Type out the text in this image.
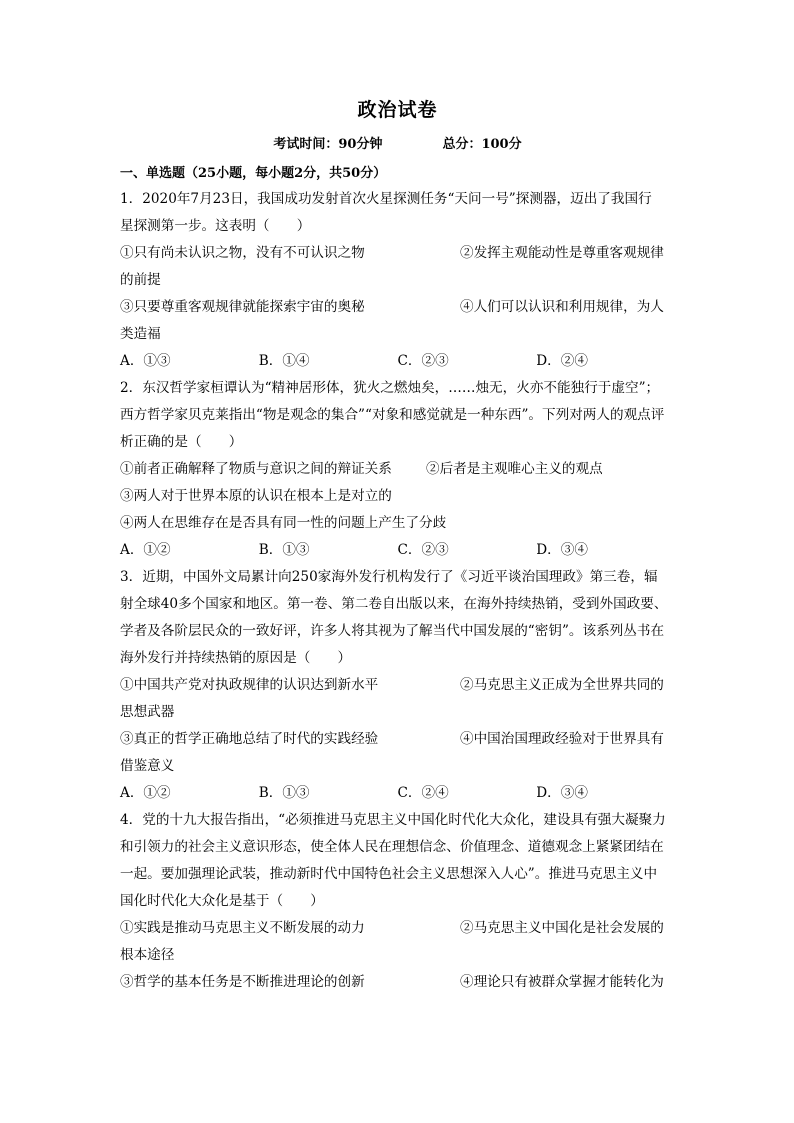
政治试卷
考试时间：90分钟	总分：100分
一、单选题（25小题，每小题2分，共50分）
1．2020年7月23日，我国成功发射首次火星探测任务“天问一号”探测器，迈出了我国行
星探测第一步。这表明（　　）
①只有尚未认识之物，没有不可认识之物	②发挥主观能动性是尊重客观规律
的前提
③只要尊重客观规律就能探索宇宙的奥秘	④人们可以认识和利用规律，为人
类造福
A．①③	B．①④	C．②③	D．②④
2．东汉哲学家桓谭认为“精神居形体，犹火之燃烛矣，……烛无，火亦不能独行于虚空”；
西方哲学家贝克莱指出“物是观念的集合”“对象和感觉就是一种东西”。下列对两人的观点评
析正确的是（　　）
①前者正确解释了物质与意识之间的辩证关系	②后者是主观唯心主义的观点
③两人对于世界本原的认识在根本上是对立的
④两人在思维存在是否具有同一性的问题上产生了分歧
A．①②	B．①③	C．②③	D．③④
3．近期，中国外文局累计向250家海外发行机构发行了《习近平谈治国理政》第三卷，辐
射全球40多个国家和地区。第一卷、第二卷自出版以来，在海外持续热销，受到外国政要、
学者及各阶层民众的一致好评，许多人将其视为了解当代中国发展的“密钥”。该系列丛书在
海外发行并持续热销的原因是（　　）
①中国共产党对执政规律的认识达到新水平	②马克思主义正成为全世界共同的
思想武器
③真正的哲学正确地总结了时代的实践经验	④中国治国理政经验对于世界具有
借鉴意义
A．①②	B．①③	C．②④	D．③④
4．党的十九大报告指出，“必须推进马克思主义中国化时代化大众化，建设具有强大凝聚力
和引领力的社会主义意识形态，使全体人民在理想信念、价值理念、道德观念上紧紧团结在
一起。要加强理论武装，推动新时代中国特色社会主义思想深入人心”。推进马克思主义中
国化时代化大众化是基于（　　）
①实践是推动马克思主义不断发展的动力	②马克思主义中国化是社会发展的
根本途径
③哲学的基本任务是不断推进理论的创新	④理论只有被群众掌握才能转化为
